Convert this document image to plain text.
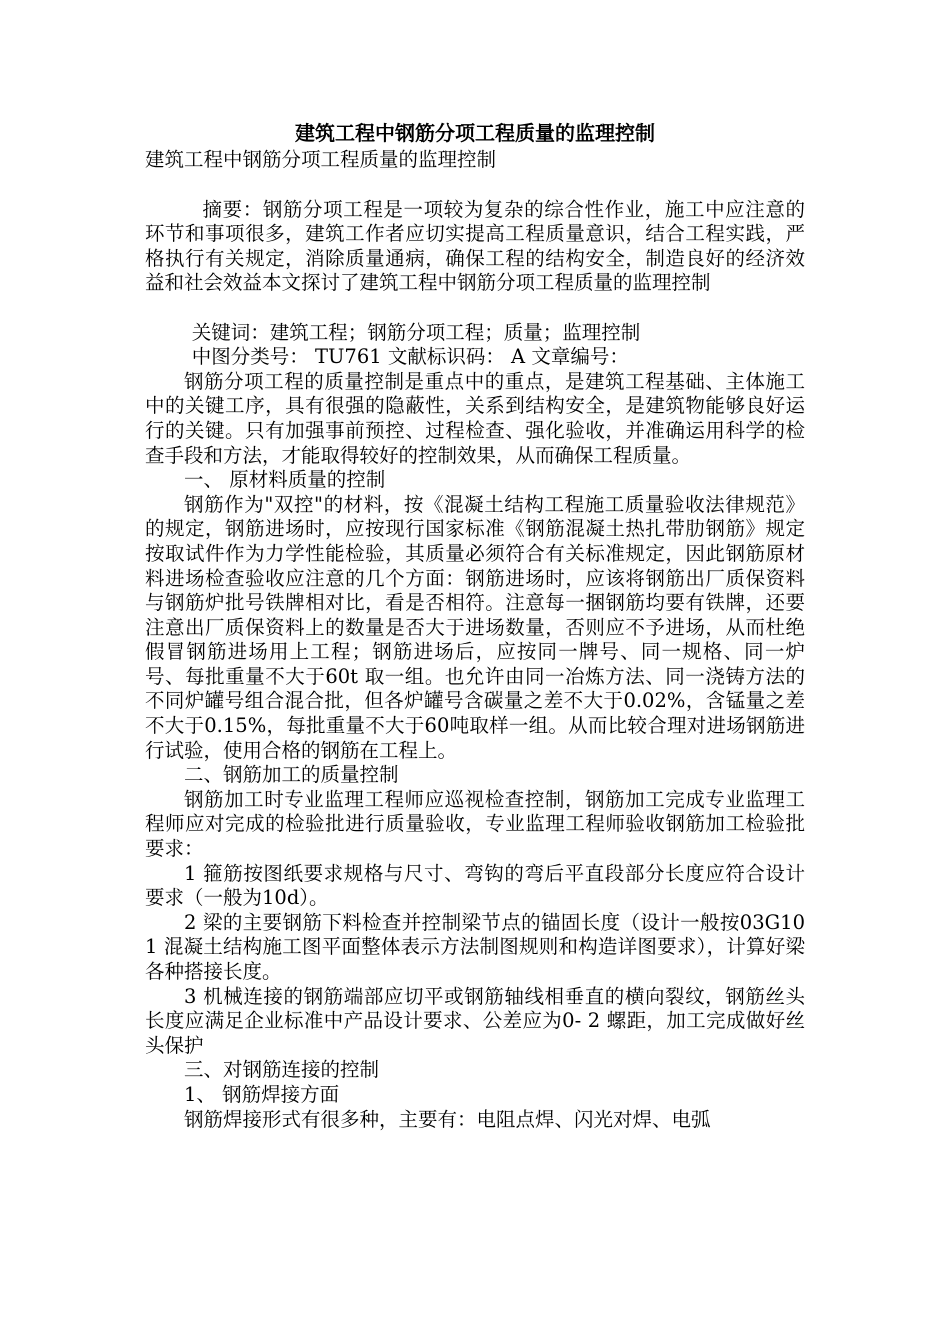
建筑工程中钢筋分项工程质量的监理控制

建筑工程中钢筋分项工程质量的监理控制

摘要：钢筋分项工程是一项较为复杂的综合性作业，施工中应注意的环节和事项很多，建筑工作者应切实提高工程质量意识，结合工程实践，严格执行有关规定，消除质量通病，确保工程的结构安全，制造良好的经济效益和社会效益本文探讨了建筑工程中钢筋分项工程质量的监理控制

关键词：建筑工程；钢筋分项工程；质量；监理控制

中图分类号： TU761 文献标识码： A 文章编号：

钢筋分项工程的质量控制是重点中的重点，是建筑工程基础、主体施工中的关键工序，具有很强的隐蔽性，关系到结构安全，是建筑物能够良好运行的关键。只有加强事前预控、过程检查、强化验收，并准确运用科学的检查手段和方法，才能取得较好的控制效果，从而确保工程质量。

一、 原材料质量的控制

钢筋作为"双控"的材料，按《混凝土结构工程施工质量验收法律规范》的规定，钢筋进场时，应按现行国家标准《钢筋混凝土热扎带肋钢筋》规定按取试件作为力学性能检验，其质量必须符合有关标准规定，因此钢筋原材料进场检查验收应注意的几个方面：钢筋进场时，应该将钢筋出厂质保资料与钢筋炉批号铁牌相对比，看是否相符。注意每一捆钢筋均要有铁牌，还要注意出厂质保资料上的数量是否大于进场数量，否则应不予进场，从而杜绝假冒钢筋进场用上工程；钢筋进场后，应按同一牌号、同一规格、同一炉号、每批重量不大于60t 取一组。也允许由同一冶炼方法、同一浇铸方法的不同炉罐号组合混合批，但各炉罐号含碳量之差不大于0.02%，含锰量之差不大于0.15%，每批重量不大于60吨取样一组。从而比较合理对进场钢筋进行试验，使用合格的钢筋在工程上。

二、钢筋加工的质量控制

钢筋加工时专业监理工程师应巡视检查控制，钢筋加工完成专业监理工程师应对完成的检验批进行质量验收，专业监理工程师验收钢筋加工检验批要求：

1 箍筋按图纸要求规格与尺寸、弯钩的弯后平直段部分长度应符合设计要求（一般为10d）。

2 梁的主要钢筋下料检查并控制梁节点的锚固长度（设计一般按03G101 混凝土结构施工图平面整体表示方法制图规则和构造详图要求），计算好梁各种搭接长度。

3 机械连接的钢筋端部应切平或钢筋轴线相垂直的横向裂纹，钢筋丝头长度应满足企业标准中产品设计要求、公差应为0- 2 螺距，加工完成做好丝头保护

三、对钢筋连接的控制

1、 钢筋焊接方面

钢筋焊接形式有很多种，主要有：电阻点焊、闪光对焊、电弧
